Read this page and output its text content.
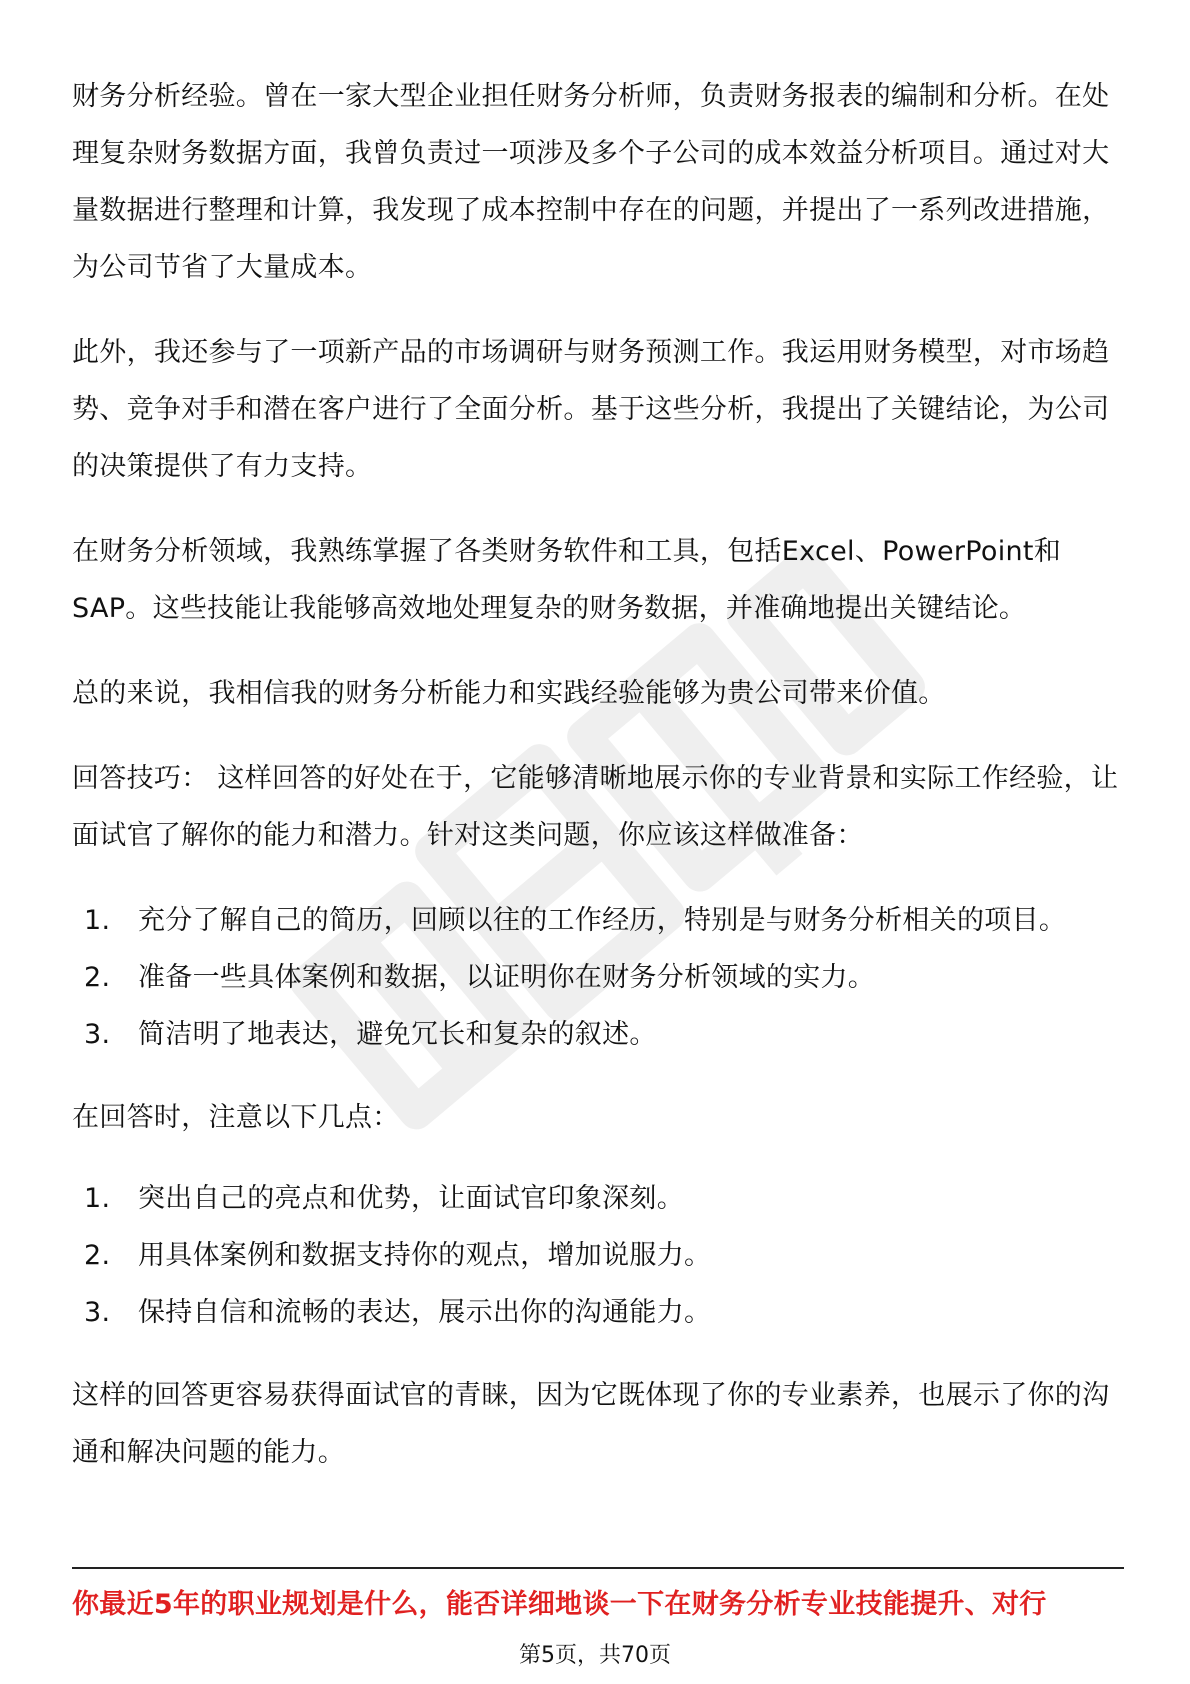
财务分析经验。曾在一家大型企业担任财务分析师，负责财务报表的编制和分析。在处理复杂财务数据方面，我曾负责过一项涉及多个子公司的成本效益分析项目。通过对大量数据进行整理和计算，我发现了成本控制中存在的问题，并提出了一系列改进措施，为公司节省了大量成本。

此外，我还参与了一项新产品的市场调研与财务预测工作。我运用财务模型，对市场趋势、竞争对手和潜在客户进行了全面分析。基于这些分析，我提出了关键结论，为公司的决策提供了有力支持。

在财务分析领域，我熟练掌握了各类财务软件和工具，包括Excel、PowerPoint和SAP。这些技能让我能够高效地处理复杂的财务数据，并准确地提出关键结论。

总的来说，我相信我的财务分析能力和实践经验能够为贵公司带来价值。

回答技巧： 这样回答的好处在于，它能够清晰地展示你的专业背景和实际工作经验，让面试官了解你的能力和潜力。针对这类问题，你应该这样做准备：

1.	充分了解自己的简历，回顾以往的工作经历，特别是与财务分析相关的项目。
2.	准备一些具体案例和数据，以证明你在财务分析领域的实力。
3.	简洁明了地表达，避免冗长和复杂的叙述。

在回答时，注意以下几点：

1.	突出自己的亮点和优势，让面试官印象深刻。
2.	用具体案例和数据支持你的观点，增加说服力。
3.	保持自信和流畅的表达，展示出你的沟通能力。

这样的回答更容易获得面试官的青睐，因为它既体现了你的专业素养，也展示了你的沟通和解决问题的能力。

你最近5年的职业规划是什么，能否详细地谈一下在财务分析专业技能提升、对行
第5页，共70页
